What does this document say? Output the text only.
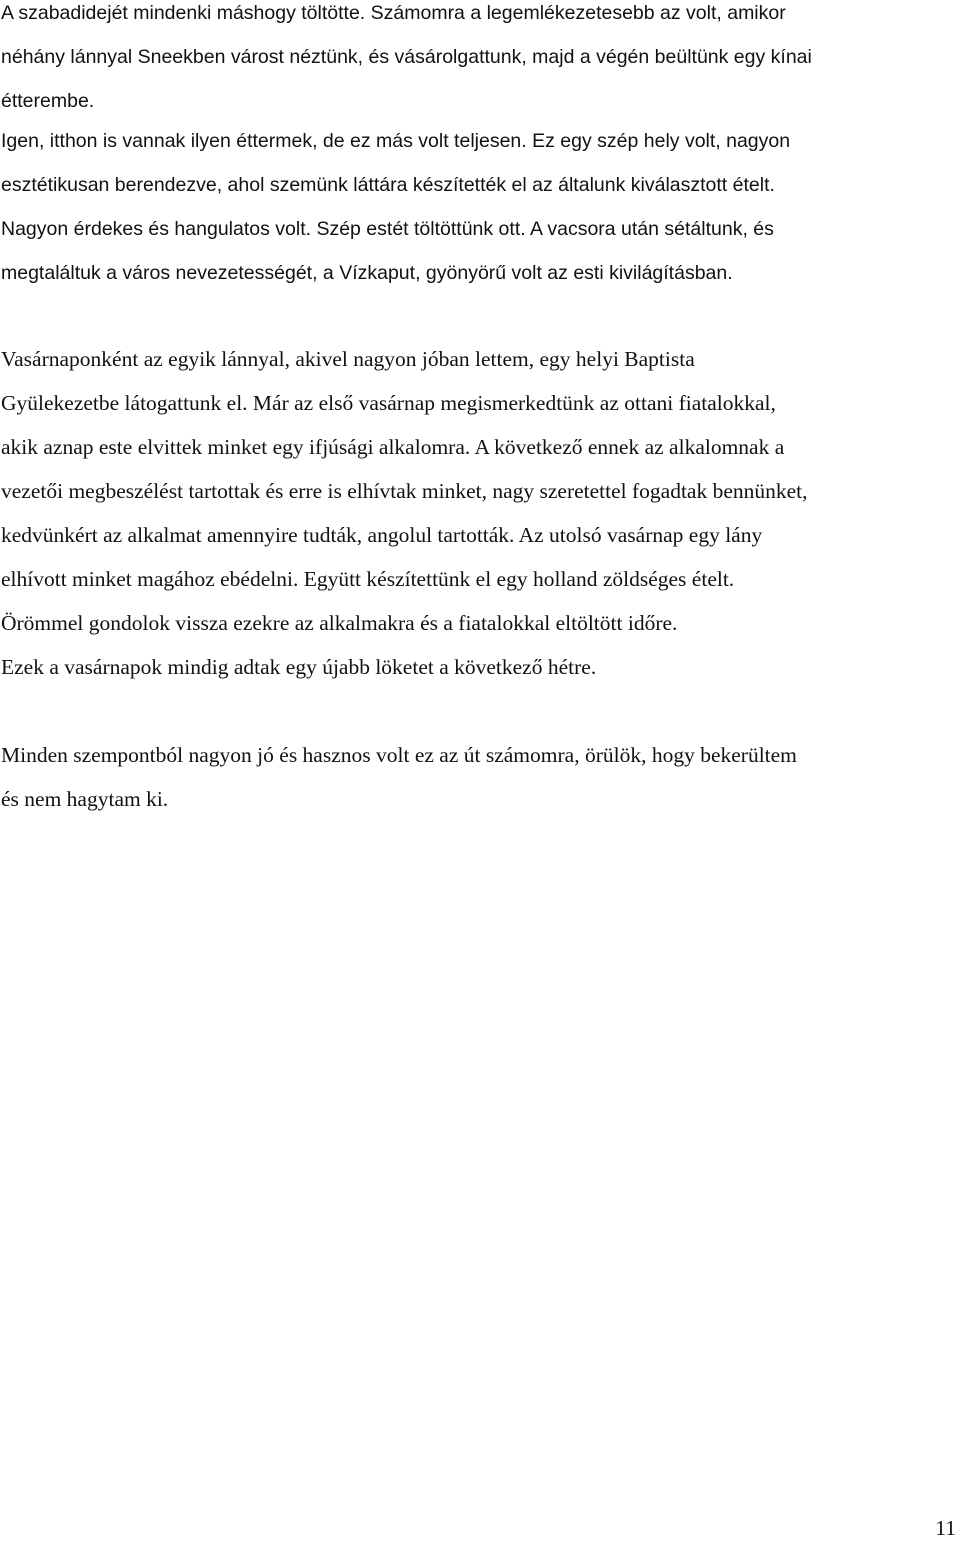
A szabadidejét mindenki máshogy töltötte. Számomra a legemlékezetesebb az volt, amikor
néhány lánnyal Sneekben várost néztünk, és vásárolgattunk, majd a végén beültünk egy kínai
étterembe.
Igen, itthon is vannak ilyen éttermek, de ez más volt teljesen. Ez egy szép hely volt, nagyon
esztétikusan berendezve, ahol szemünk láttára készítették el az általunk kiválasztott ételt.
Nagyon érdekes és hangulatos volt. Szép estét töltöttünk ott. A vacsora után sétáltunk, és
megtaláltuk a város nevezetességét, a Vízkaput, gyönyörű volt az esti kivilágításban.
Vasárnaponként az egyik lánnyal, akivel nagyon jóban lettem, egy helyi Baptista
Gyülekezetbe látogattunk el. Már az első vasárnap megismerkedtünk az ottani fiatalokkal,
akik aznap este elvittek minket egy ifjúsági alkalomra. A következő ennek az alkalomnak a
vezetői megbeszélést tartottak és erre is elhívtak minket, nagy szeretettel fogadtak bennünket,
kedvünkért az alkalmat amennyire tudták, angolul tartották. Az utolsó vasárnap egy lány
elhívott minket magához ebédelni. Együtt készítettünk el egy holland zöldséges ételt.
Örömmel gondolok vissza ezekre az alkalmakra és a fiatalokkal eltöltött időre.
Ezek a vasárnapok mindig adtak egy újabb löketet a következő hétre.
Minden szempontból nagyon jó és hasznos volt ez az út számomra, örülök, hogy bekerültem
és nem hagytam ki.
11
